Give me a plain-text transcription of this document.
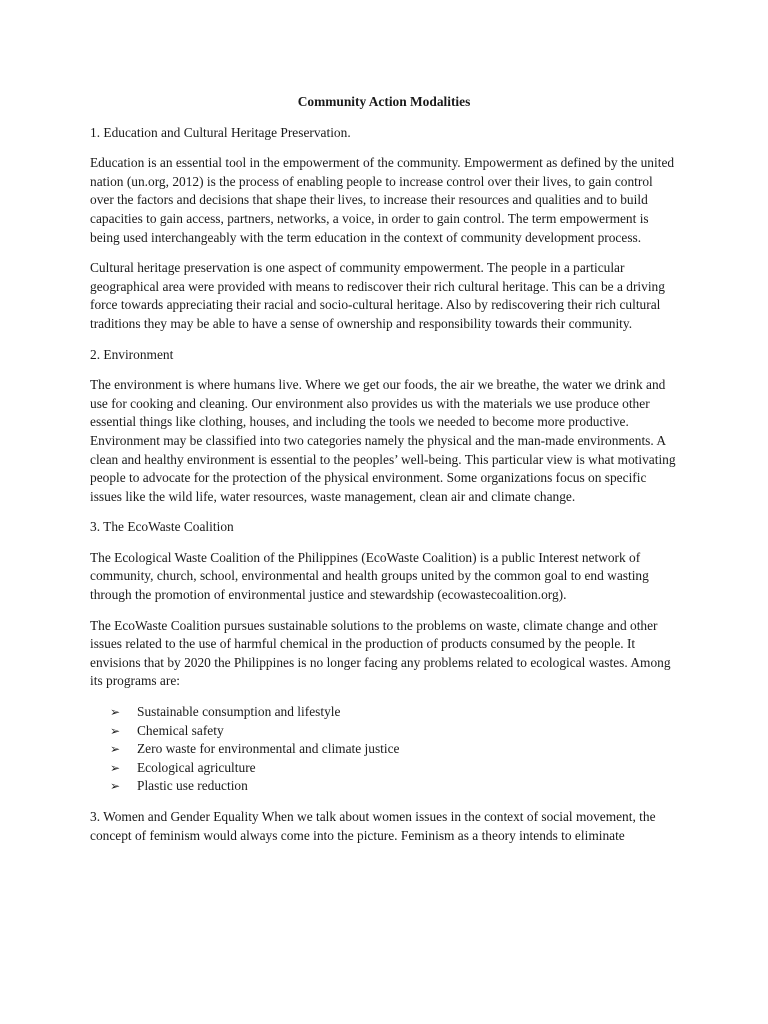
Community Action Modalities
1. Education and Cultural Heritage Preservation.

Education is an essential tool in the empowerment of the community. Empowerment as defined by the united nation (un.org, 2012) is the process of enabling people to increase control over their lives, to gain control over the factors and decisions that shape their lives, to increase their resources and qualities and to build capacities to gain access, partners, networks, a voice, in order to gain control. The term empowerment is being used interchangeably with the term education in the context of community development process.

Cultural heritage preservation is one aspect of community empowerment. The people in a particular geographical area were provided with means to rediscover their rich cultural heritage. This can be a driving force towards appreciating their racial and socio-cultural heritage. Also by rediscovering their rich cultural traditions they may be able to have a sense of ownership and responsibility towards their community.

2. Environment

The environment is where humans live. Where we get our foods, the air we breathe, the water we drink and use for cooking and cleaning. Our environment also provides us with the materials we use produce other essential things like clothing, houses, and including the tools we needed to become more productive. Environment may be classified into two categories namely the physical and the man-made environments. A clean and healthy environment is essential to the peoples’ well-being. This particular view is what motivating people to advocate for the protection of the physical environment. Some organizations focus on specific issues like the wild life, water resources, waste management, clean air and climate change.

3. The EcoWaste Coalition

The Ecological Waste Coalition of the Philippines (EcoWaste Coalition) is a public Interest network of community, church, school, environmental and health groups united by the common goal to end wasting through the promotion of environmental justice and stewardship (ecowastecoalition.org).

The EcoWaste Coalition pursues sustainable solutions to the problems on waste, climate change and other issues related to the use of harmful chemical in the production of products consumed by the people. It envisions that by 2020 the Philippines is no longer facing any problems related to ecological wastes. Among its programs are:

➢ Sustainable consumption and lifestyle
➢ Chemical safety
➢ Zero waste for environmental and climate justice
➢ Ecological agriculture
➢ Plastic use reduction

3. Women and Gender Equality When we talk about women issues in the context of social movement, the concept of feminism would always come into the picture. Feminism as a theory intends to eliminate
